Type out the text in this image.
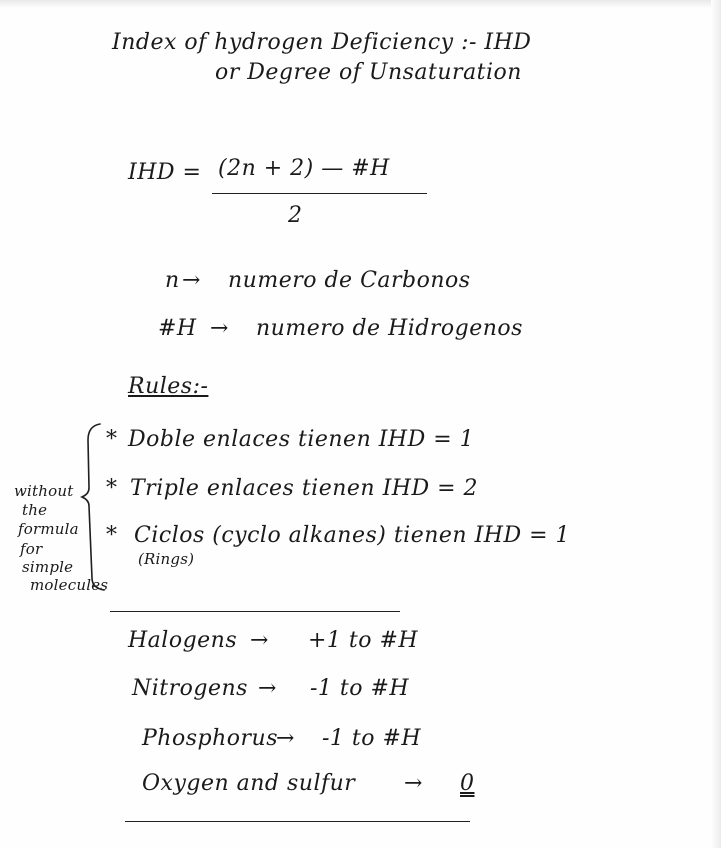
Index of hydrogen Deficiency :- IHD
or Degree of Unsaturation
IHD = (2n + 2) — #H
2
n → numero de Carbonos
#H → numero de Hidrogenos
Rules:-
* Doble enlaces tienen IHD = 1
* Triple enlaces tienen IHD = 2
* Ciclos (cyclo alkanes) tienen IHD = 1
(Rings)
without
the
formula
for
simple
molecules
Halogens → +1 to #H
Nitrogens → -1 to #H
Phosphorus
→ -1 to #H
Oxygen and sulfur → 0
